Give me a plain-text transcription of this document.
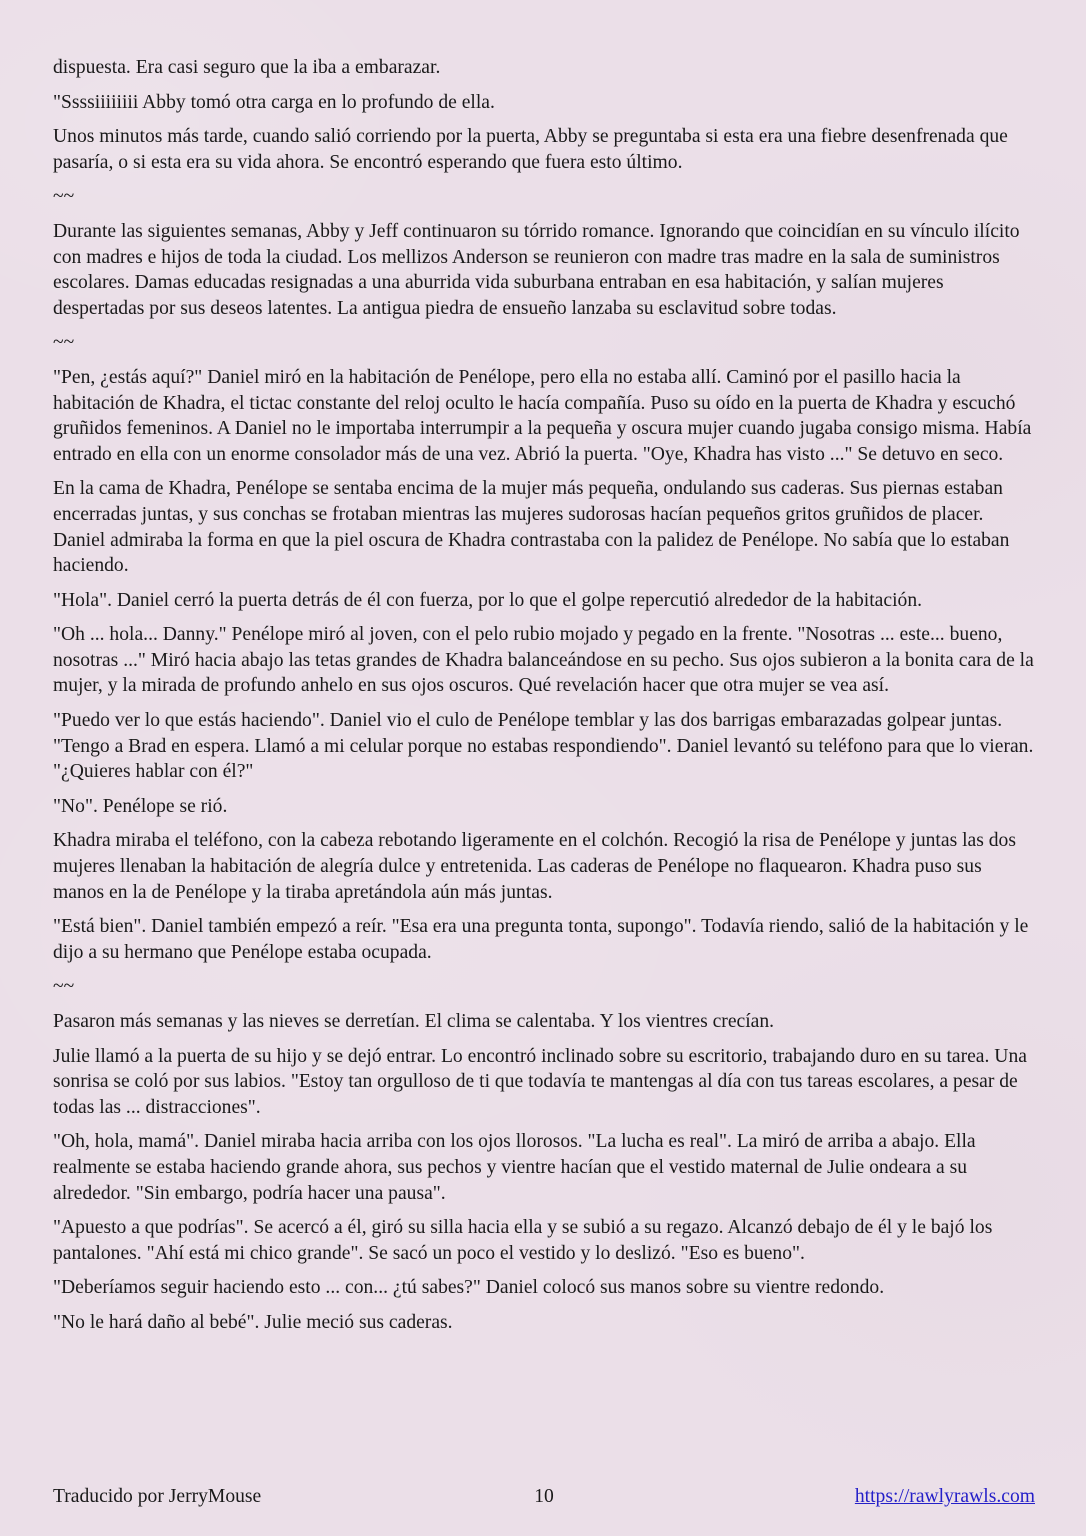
dispuesta. Era casi seguro que la iba a embarazar.

"Ssssiiiiiiii Abby tomó otra carga en lo profundo de ella.

Unos minutos más tarde, cuando salió corriendo por la puerta, Abby se preguntaba si esta era una fiebre desenfrenada que pasaría, o si esta era su vida ahora. Se encontró esperando que fuera esto último.

~~

Durante las siguientes semanas, Abby y Jeff continuaron su tórrido romance. Ignorando que coincidían en su vínculo ilícito con madres e hijos de toda la ciudad. Los mellizos Anderson se reunieron con madre tras madre en la sala de suministros escolares. Damas educadas resignadas a una aburrida vida suburbana entraban en esa habitación, y salían mujeres despertadas por sus deseos latentes. La antigua piedra de ensueño lanzaba su esclavitud sobre todas.

~~

"Pen, ¿estás aquí?" Daniel miró en la habitación de Penélope, pero ella no estaba allí. Caminó por el pasillo hacia la habitación de Khadra, el tictac constante del reloj oculto le hacía compañía. Puso su oído en la puerta de Khadra y escuchó gruñidos femeninos. A Daniel no le importaba interrumpir a la pequeña y oscura mujer cuando jugaba consigo misma. Había entrado en ella con un enorme consolador más de una vez. Abrió la puerta. "Oye, Khadra has visto ..." Se detuvo en seco.

En la cama de Khadra, Penélope se sentaba encima de la mujer más pequeña, ondulando sus caderas. Sus piernas estaban encerradas juntas, y sus conchas se frotaban mientras las mujeres sudorosas hacían pequeños gritos gruñidos de placer. Daniel admiraba la forma en que la piel oscura de Khadra contrastaba con la palidez de Penélope. No sabía que lo estaban haciendo.

"Hola". Daniel cerró la puerta detrás de él con fuerza, por lo que el golpe repercutió alrededor de la habitación.

"Oh ... hola... Danny." Penélope miró al joven, con el pelo rubio mojado y pegado en la frente. "Nosotras ... este... bueno, nosotras ..." Miró hacia abajo las tetas grandes de Khadra balanceándose en su pecho. Sus ojos subieron a la bonita cara de la mujer, y la mirada de profundo anhelo en sus ojos oscuros. Qué revelación hacer que otra mujer se vea así.

"Puedo ver lo que estás haciendo". Daniel vio el culo de Penélope temblar y las dos barrigas embarazadas golpear juntas. "Tengo a Brad en espera. Llamó a mi celular porque no estabas respondiendo". Daniel levantó su teléfono para que lo vieran. "¿Quieres hablar con él?"

"No". Penélope se rió.

Khadra miraba el teléfono, con la cabeza rebotando ligeramente en el colchón. Recogió la risa de Penélope y juntas las dos mujeres llenaban la habitación de alegría dulce y entretenida. Las caderas de Penélope no flaquearon. Khadra puso sus manos en la de Penélope y la tiraba apretándola aún más juntas.

"Está bien". Daniel también empezó a reír. "Esa era una pregunta tonta, supongo". Todavía riendo, salió de la habitación y le dijo a su hermano que Penélope estaba ocupada.

~~

Pasaron más semanas y las nieves se derretían. El clima se calentaba. Y los vientres crecían.

Julie llamó a la puerta de su hijo y se dejó entrar. Lo encontró inclinado sobre su escritorio, trabajando duro en su tarea. Una sonrisa se coló por sus labios. "Estoy tan orgulloso de ti que todavía te mantengas al día con tus tareas escolares, a pesar de todas las ... distracciones".

"Oh, hola, mamá". Daniel miraba hacia arriba con los ojos llorosos. "La lucha es real". La miró de arriba a abajo. Ella realmente se estaba haciendo grande ahora, sus pechos y vientre hacían que el vestido maternal de Julie ondeara a su alrededor. "Sin embargo, podría hacer una pausa".

"Apuesto a que podrías". Se acercó a él, giró su silla hacia ella y se subió a su regazo. Alcanzó debajo de él y le bajó los pantalones. "Ahí está mi chico grande". Se sacó un poco el vestido y lo deslizó. "Eso es bueno".

"Deberíamos seguir haciendo esto ... con... ¿tú sabes?" Daniel colocó sus manos sobre su vientre redondo.

"No le hará daño al bebé". Julie meció sus caderas.

Traducido por JerryMouse	10	https://rawlyrawls.com
